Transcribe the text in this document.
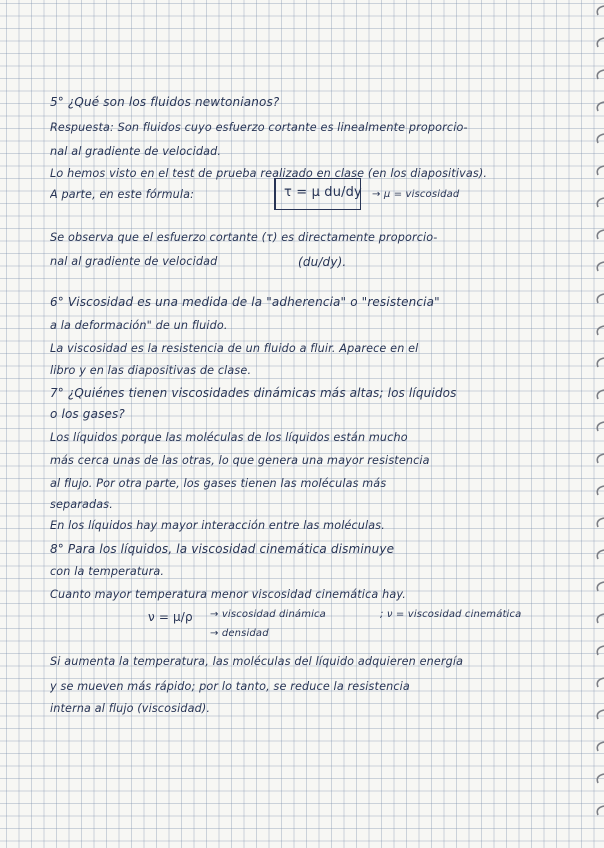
5° ¿Qué son los fluidos newtonianos?
Respuesta: Son fluidos cuyo esfuerzo cortante es linealmente proporcio-
nal al gradiente de velocidad.
Lo hemos visto en el test de prueba realizado en clase (en los diapositivas).
A parte, en este fórmula:	τ = μ du/dy → μ = viscosidad
Se observa que el esfuerzo cortante (τ) es directamente proporcio-
nal al gradiente de velocidad	(du/dy).
6° Viscosidad es una medida de la "adherencia" o "resistencia"
a la deformación" de un fluido.
La viscosidad es la resistencia de un fluido a fluir. Aparece en el
libro y en las diapositivas de clase.
7° ¿Quiénes tienen viscosidades dinámicas más altas; los líquidos
o los gases?
Los líquidos porque las moléculas de los líquidos están mucho
más cerca unas de las otras, lo que genera una mayor resistencia
al flujo. Por otra parte, los gases tienen las moléculas más
separadas.
En los líquidos hay mayor interacción entre las moléculas.
8° Para los líquidos, la viscosidad cinemática disminuye
con la temperatura.
Cuanto mayor temperatura menor viscosidad cinemática hay.
ν = μ/ρ	→ viscosidad dinámica
→ densidad
; ν = viscosidad cinemática
Si aumenta la temperatura, las moléculas del líquido adquieren energía
y se mueven más rápido; por lo tanto, se reduce la resistencia
interna al flujo (viscosidad).
